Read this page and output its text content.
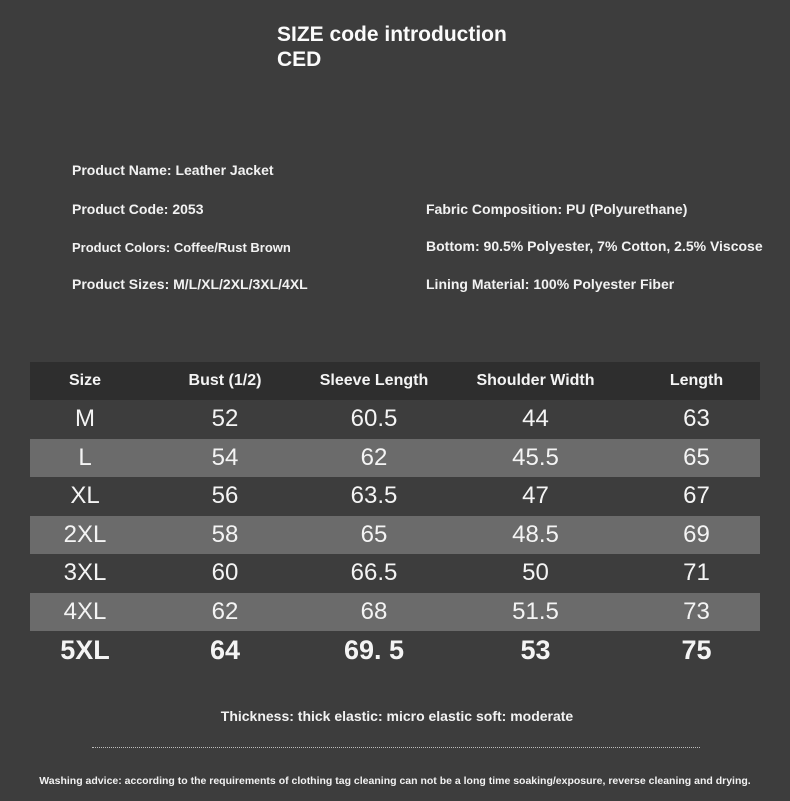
SIZE code introduction
CED
Product Name: Leather Jacket
Product Code: 2053
Product Colors: Coffee/Rust Brown
Product Sizes: M/L/XL/2XL/3XL/4XL
Fabric Composition: PU (Polyurethane)
Bottom: 90.5% Polyester, 7% Cotton, 2.5% Viscose
Lining Material: 100% Polyester Fiber
Size	Bust (1/2)	Sleeve Length	Shoulder Width	Length
M	52	60.5	44	63
L	54	62	45.5	65
XL	56	63.5	47	67
2XL	58	65	48.5	69
3XL	60	66.5	50	71
4XL	62	68	51.5	73
5XL	64	69. 5	53	75
Thickness: thick elastic: micro elastic soft: moderate
Washing advice: according to the requirements of clothing tag cleaning can not be a long time soaking/exposure, reverse cleaning and drying.
